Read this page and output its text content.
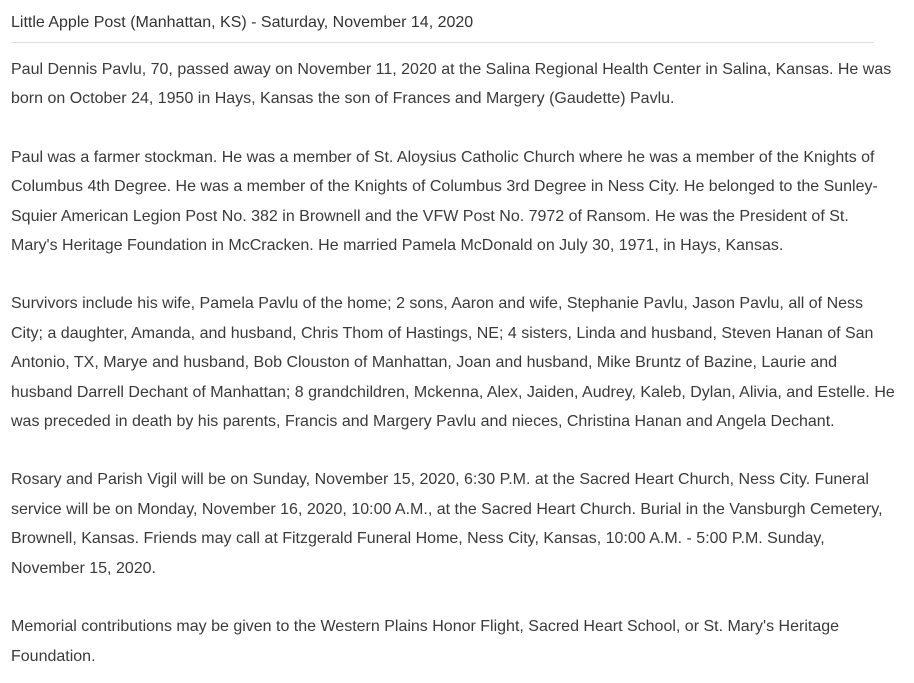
Little Apple Post (Manhattan, KS) - Saturday, November 14, 2020

Paul Dennis Pavlu, 70, passed away on November 11, 2020 at the Salina Regional Health Center in Salina, Kansas. He was born on October 24, 1950 in Hays, Kansas the son of Frances and Margery (Gaudette) Pavlu.

Paul was a farmer stockman. He was a member of St. Aloysius Catholic Church where he was a member of the Knights of Columbus 4th Degree. He was a member of the Knights of Columbus 3rd Degree in Ness City. He belonged to the Sunley-Squier American Legion Post No. 382 in Brownell and the VFW Post No. 7972 of Ransom. He was the President of St. Mary's Heritage Foundation in McCracken. He married Pamela McDonald on July 30, 1971, in Hays, Kansas.

Survivors include his wife, Pamela Pavlu of the home; 2 sons, Aaron and wife, Stephanie Pavlu, Jason Pavlu, all of Ness City; a daughter, Amanda, and husband, Chris Thom of Hastings, NE; 4 sisters, Linda and husband, Steven Hanan of San Antonio, TX, Marye and husband, Bob Clouston of Manhattan, Joan and husband, Mike Bruntz of Bazine, Laurie and husband Darrell Dechant of Manhattan; 8 grandchildren, Mckenna, Alex, Jaiden, Audrey, Kaleb, Dylan, Alivia, and Estelle. He was preceded in death by his parents, Francis and Margery Pavlu and nieces, Christina Hanan and Angela Dechant.

Rosary and Parish Vigil will be on Sunday, November 15, 2020, 6:30 P.M. at the Sacred Heart Church, Ness City. Funeral service will be on Monday, November 16, 2020, 10:00 A.M., at the Sacred Heart Church. Burial in the Vansburgh Cemetery, Brownell, Kansas. Friends may call at Fitzgerald Funeral Home, Ness City, Kansas, 10:00 A.M. - 5:00 P.M. Sunday, November 15, 2020.

Memorial contributions may be given to the Western Plains Honor Flight, Sacred Heart School, or St. Mary's Heritage Foundation.
